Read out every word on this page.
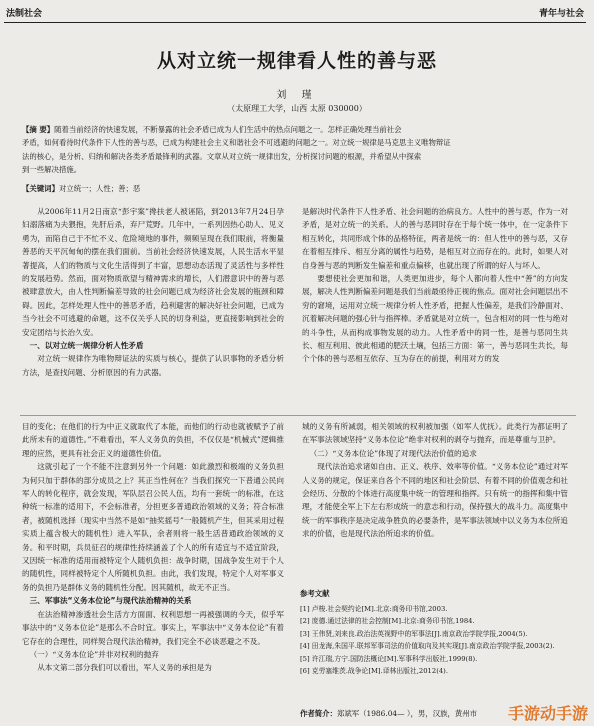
法制社会	青年与社会
从对立统一规律看人性的善与恶
刘 瑾
（太原理工大学，山西 太原 030000）
【摘 要】随着当前经济的快速发展，不断暴露的社会矛盾已成为人们生活中的热点问题之一。怎样正确处理当前社会
矛盾，如何看待时代条件下人性的善与恶，已成为构建社会主义和谐社会不可逃避的问题之一。对立统一规律是马克思主义唯物辩证
法的核心，是分析、归纳和解决各类矛盾最锋利的武器。文章从对立统一规律出发，分析探讨问题的根源，并希望从中探索
到一些解决措施。
【关键词】对立统一；人性；善；恶

从2006年11月2日南京“彭宇案”搀扶老人被诬陷，到2013年7月24日孕妇溺落痛为夫猥抱，先肝后杀，弃尸荒野。几年中，一系列因热心助人、见义勇为，而陷自己于不忙不义、危险境地的事件，频频呈现在我们眼前，将衡量善恶的天平沉甸甸的摆在我们面前。当前社会经济快速发展，人民生活水平显著提高，人们的物质与文化生活得到了丰富，思想动态活现了灵活性与多样性的发展趋势。然而，面对物质欲望与精神需求的增长，人们潜意识中的善与恶被肆意放大，由人性判断偏差导致的社会问题已成为经济社会发展的瓶颈和障碍。因此，怎样处理人性中的善恶矛盾，趋利避害的解决好社会问题，已成为当今社会不可逃避的命题，这不仅关乎人民的切身利益，更直接影响到社会的安定团结与长治久安。

一、以对立统一规律分析人性矛盾

对立统一规律作为唯物辩证法的实质与核心，提供了认识事物的矛盾分析方法，是查找问题、分析原因的有力武器。

是解决时代条件下人性矛盾、社会问题的治病良方。人性中的善与恶，作为一对矛盾，是对立统一的关系。人的善与恶同时存在于每个统一体中，在一定条件下相互转化，共同形成个体的品格特征，两者是统一的：但人性中的善与恶，又存在着相互排斥、相互分离的属性与趋势，是相互对立而存在的。此时，如果人对自身善与恶的判断发生偏差和重点偏移，也就出现了所谓的好人与坏人。

要想使社会更加和谐，人类更加进步，每个人都向着人性中“善”的方向发展，解决人性判断偏差问题是我们当前最亟待正视的焦点。面对社会问题层出不穷的窘境，运用对立统一规律分析人性矛盾，把握人性偏差，是我们冷静面对、沉着解决问题的强心针与指挥棒。矛盾就是对立统一，包含相对的同一性与绝对的斗争性，从而构成事物发展的动力。人性矛盾中的同一性，是善与恶同生共长、相互利用、彼此相通的肥沃土壤，包括三方面：第一，善与恶同生共长，每个个体的善与恶相互依存、互为存在的前提，利用对方的发

目的变化；在他们的行为中正义就取代了本能，而他们的行动也就被赋予了前此所未有的道德性。”不难看出，军人义务负的负担，不仅仅是“机械式”逻辑推理的应然，更具有社会正义的道德性价值。

这就引起了一个不能不注意到另外一个问题：如此激烈和极端的义务负担为何只加于群体的部分成员之上？其正当性何在？当我们探究一下普通公民向军人的转化程序，就会发现，军队层召公民人伍，均有一套统一的标准，在这种统一标准的适用下，不会标准者，分担更多普通政治领域的义务；符合标准者，被随机选择（现实中当然不是如“抽奖摇号”一般随机产生，但其采用过程实质上蕴含极大的随机性）进入军队，余者则将一般生活普通政治领域的义务。和平时期，兵员征召的规律性持续涵盖了个人的所有适宜与不适宜阶段，又因统一标准的适用而被特定个人随机负担：战争时期，国战争发生对于个人的随机性，同样被特定个人所随机负担。由此，我们发现，特定个人对军事义务的负担乃是群体义务的随机性分配。因其随机，故无不正当。

三、军事法“义务本位论”与现代法治精神的关系

在法治精神渗透社会生活方方面面、权利思想一再被强调的今天，似乎军事法中的“义务本位论”是那么不合时宜。事实上，军事法中“义务本位论”有着它存在的合理性，同样契合现代法治精神，我们完全不必谈恶避之不及。

（一）“义务本位论”并非对权利的抛弃

从本文第二部分我们可以看出，军人义务的承担是为

城的义务有所减弱，相关领域的权利被加强（如军人优抚）。此类行为都证明了在军事法领域坚持“义务本位论”绝非对权利的剥夺与抛弃，而是尊重与卫护。

（二）“义务本位论”体现了对现代法治价值的追求

现代法治追求诸如自由、正义、秩序、效率等价值。“义务本位论”通过对军人义务的规定，保证来自各个不同的地区和社会阶层、有着不同的价值观念和社会经历、分散的个体进行高度集中统一的管理和指挥。只有统一的指挥和集中管理，才能使全军上下左右形成统一的意志和行动，保持强大的战斗力。高度集中统一的军事秩序是决定战争胜负的必要条件，是军事法领域中以义务为本位所追求的价值，也是现代法治所追求的价值。

参考文献
[1] 卢梭.社会契约论[M].北京:商务印书馆,2003.
[2] 庞德.通过法律的社会控制[M].北京:商务印书馆,1984.
[3] 王伟贤,刘来良.政治法英视野中的军事法[J].南京政治学院学报,2004(5).
[4] 田龙海,朱国平.联邦军事司法的价值取向及其实现[J].南京政治学院学报,2003(2).
[5] 许江瑞,方宁.国防法概论[M].军事科学出版社,1999(8).
[6] 克劳塞维茨.战争论[M].译林出版社,2012(4).
作者简介：郑斌军（1986.04— ），男，汉族，黄州市	手游动手游
